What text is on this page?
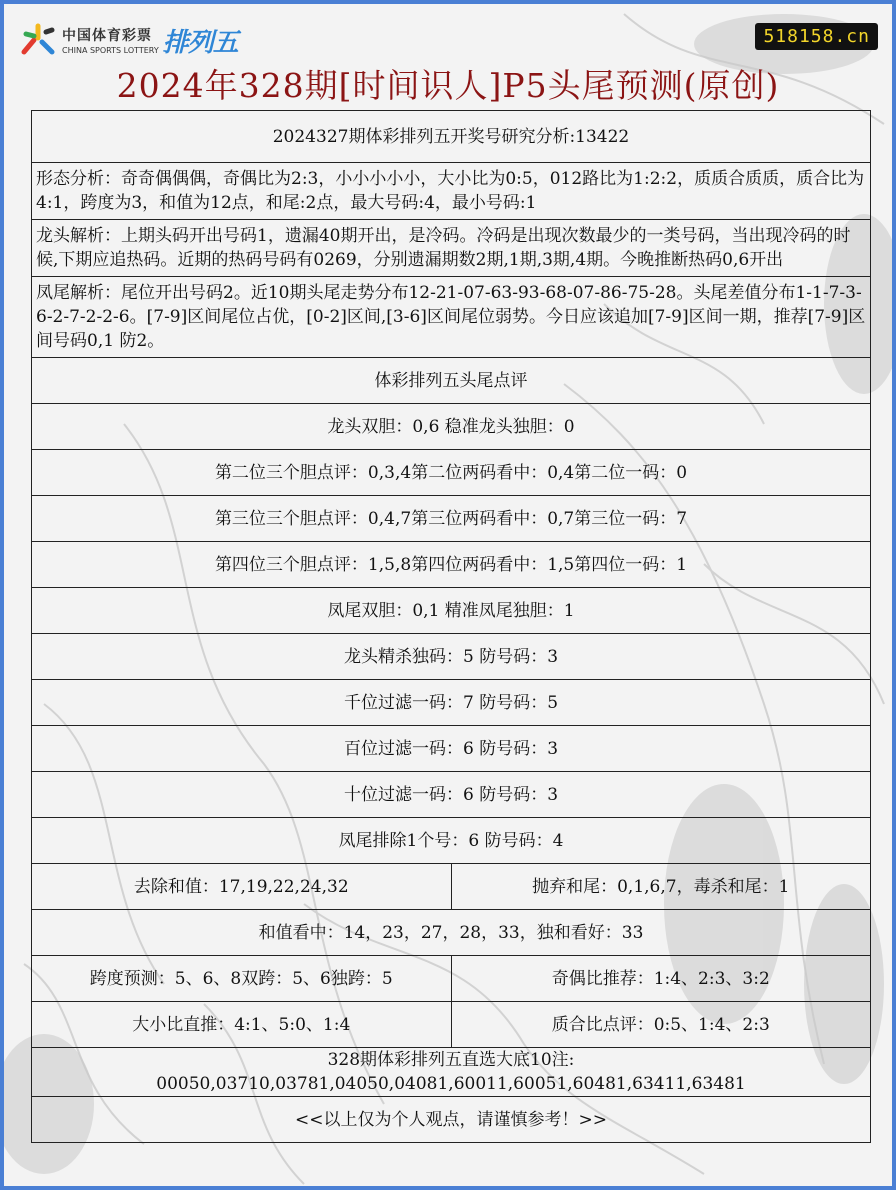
中国体育彩票
CHINA SPORTS LOTTERY 排列五	518158.cn
2024年328期[时间识人]P5头尾预测(原创)
2024327期体彩排列五开奖号研究分析:13422	
形态分析：奇奇偶偶偶，奇偶比为2:3，小小小小小，大小比为0:5，012路比为1:2:2，质质合质质，质合比为4:1，跨度为3，和值为12点，和尾:2点，最大号码:4，最小号码:1	
龙头解析：上期头码开出号码1，遗漏40期开出，是冷码。冷码是出现次数最少的一类号码，当出现冷码的时候,下期应追热码。近期的热码号码有0269，分别遗漏期数2期,1期,3期,4期。今晚推断热码0,6开出	
凤尾解析：尾位开出号码2。近10期头尾走势分布12-21-07-63-93-68-07-86-75-28。头尾差值分布1-1-7-3-6-2-7-2-2-6。[7-9]区间尾位占优，[0-2]区间,[3-6]区间尾位弱势。今日应该追加[7-9]区间一期，推荐[7-9]区间号码0,1 防2。	
体彩排列五头尾点评	
龙头双胆：0,6 稳准龙头独胆：0	
第二位三个胆点评：0,3,4第二位两码看中：0,4第二位一码：0	
第三位三个胆点评：0,4,7第三位两码看中：0,7第三位一码：7	
第四位三个胆点评：1,5,8第四位两码看中：1,5第四位一码：1	
凤尾双胆：0,1 精准凤尾独胆：1	
龙头精杀独码：5 防号码：3	
千位过滤一码：7 防号码：5	
百位过滤一码：6 防号码：3	
十位过滤一码：6 防号码：3	
凤尾排除1个号：6 防号码：4	
去除和值：17,19,22,24,32	抛弃和尾：0,1,6,7，毒杀和尾：1
和值看中：14，23，27，28，33，独和看好：33	
跨度预测：5、6、8双跨：5、6独跨：5	奇偶比推荐：1:4、2:3、3:2
大小比直推：4:1、5:0、1:4	质合比点评：0:5、1:4、2:3

328期体彩排列五直选大底10注:
00050,03710,03781,04050,04081,60011,60051,60481,63411,63481	

<<以上仅为个人观点，请谨慎参考！>>	
